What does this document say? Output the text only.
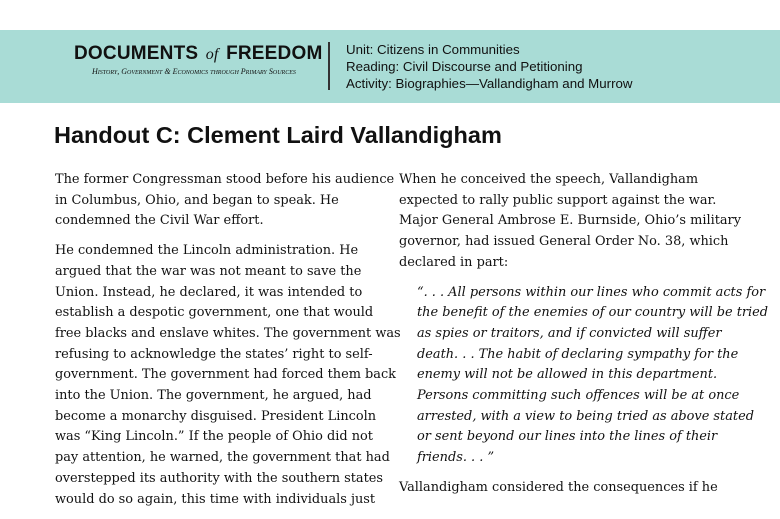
DOCUMENTS of FREEDOM
History, Government & Economics through Primary Sources
Unit: Citizens in Communities
Reading: Civil Discourse and Petitioning
Activity: Biographies—Vallandigham and Murrow
Handout C: Clement Laird Vallandigham

The former Congressman stood before his audience
in Columbus, Ohio, and began to speak. He
condemned the Civil War effort.

He condemned the Lincoln administration. He
argued that the war was not meant to save the
Union. Instead, he declared, it was intended to
establish a despotic government, one that would
free blacks and enslave whites. The government was
refusing to acknowledge the states’ right to self-
government. The government had forced them back
into the Union. The government, he argued, had
become a monarchy disguised. President Lincoln
was “King Lincoln.” If the people of Ohio did not
pay attention, he warned, the government that had
overstepped its authority with the southern states
would do so again, this time with individuals just

When he conceived the speech, Vallandigham
expected to rally public support against the war.
Major General Ambrose E. Burnside, Ohio’s military
governor, had issued General Order No. 38, which
declared in part:

“. . . All persons within our lines who commit acts for
the benefit of the enemies of our country will be tried
as spies or traitors, and if convicted will suffer
death. . . The habit of declaring sympathy for the
enemy will not be allowed in this department.
Persons committing such offences will be at once
arrested, with a view to being tried as above stated
or sent beyond our lines into the lines of their
friends. . . ”

Vallandigham considered the consequences if he
